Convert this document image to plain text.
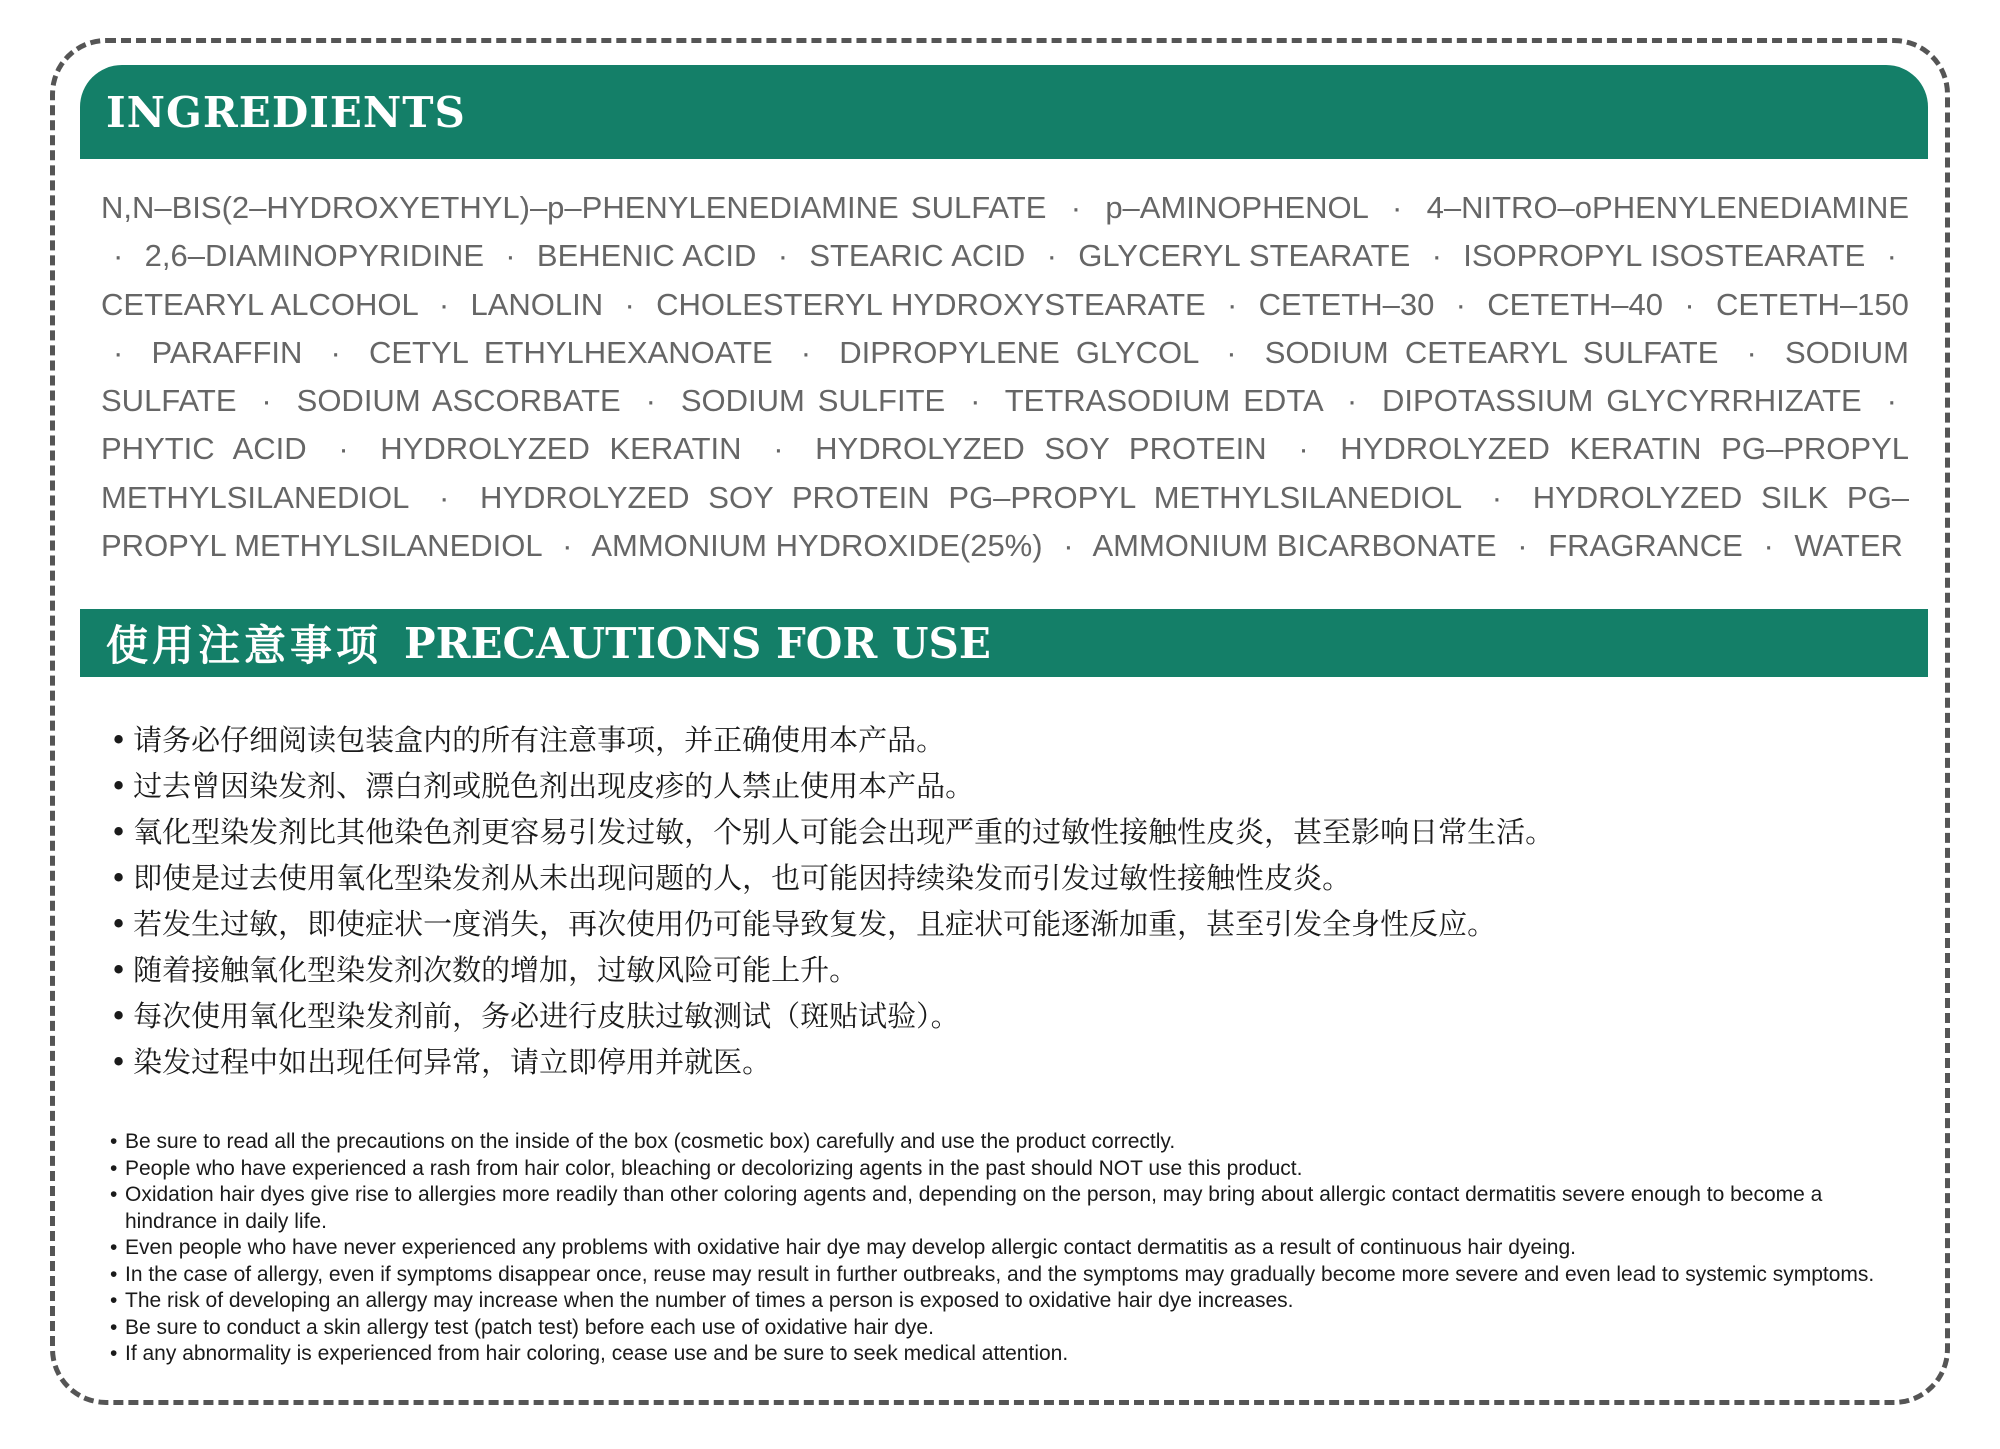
INGREDIENTS
N,N–BIS(2–HYDROXYETHYL)–p–PHENYLENEDIAMINE SULFATE · p–AMINOPHENOL · 4–NITRO–oPHENYLENEDIAMINE · 2,6–DIAMINOPYRIDINE · BEHENIC ACID · STEARIC ACID · GLYCERYL STEARATE · ISOPROPYL ISOSTEARATE · CETEARYL ALCOHOL · LANOLIN · CHOLESTERYL HYDROXYSTEARATE · CETETH–30 · CETETH–40 · CETETH–150 · PARAFFIN · CETYL ETHYLHEXANOATE · DIPROPYLENE GLYCOL · SODIUM CETEARYL SULFATE · SODIUM SULFATE · SODIUM ASCORBATE · SODIUM SULFITE · TETRASODIUM EDTA · DIPOTASSIUM GLYCYRRHIZATE · PHYTIC ACID · HYDROLYZED KERATIN · HYDROLYZED SOY PROTEIN · HYDROLYZED KERATIN PG–PROPYL METHYLSILANEDIOL · HYDROLYZED SOY PROTEIN PG–PROPYL METHYLSILANEDIOL · HYDROLYZED SILK PG–PROPYL METHYLSILANEDIOL · AMMONIUM HYDROXIDE(25%) · AMMONIUM BICARBONATE · FRAGRANCE · WATER
使用注意事项 PRECAUTIONS FOR USE
• 请务必仔细阅读包装盒内的所有注意事项，并正确使用本产品。
• 过去曾因染发剂、漂白剂或脱色剂出现皮疹的人禁止使用本产品。
• 氧化型染发剂比其他染色剂更容易引发过敏，个别人可能会出现严重的过敏性接触性皮炎，甚至影响日常生活。
• 即使是过去使用氧化型染发剂从未出现问题的人，也可能因持续染发而引发过敏性接触性皮炎。
• 若发生过敏，即使症状一度消失，再次使用仍可能导致复发，且症状可能逐渐加重，甚至引发全身性反应。
• 随着接触氧化型染发剂次数的增加，过敏风险可能上升。
• 每次使用氧化型染发剂前，务必进行皮肤过敏测试（斑贴试验）。
• 染发过程中如出现任何异常，请立即停用并就医。
• Be sure to read all the precautions on the inside of the box (cosmetic box) carefully and use the product correctly.
• People who have experienced a rash from hair color, bleaching or decolorizing agents in the past should NOT use this product.
• Oxidation hair dyes give rise to allergies more readily than other coloring agents and, depending on the person, may bring about allergic contact dermatitis severe enough to become a hindrance in daily life.
• Even people who have never experienced any problems with oxidative hair dye may develop allergic contact dermatitis as a result of continuous hair dyeing.
• In the case of allergy, even if symptoms disappear once, reuse may result in further outbreaks, and the symptoms may gradually become more severe and even lead to systemic symptoms.
• The risk of developing an allergy may increase when the number of times a person is exposed to oxidative hair dye increases.
• Be sure to conduct a skin allergy test (patch test) before each use of oxidative hair dye.
• If any abnormality is experienced from hair coloring, cease use and be sure to seek medical attention.
